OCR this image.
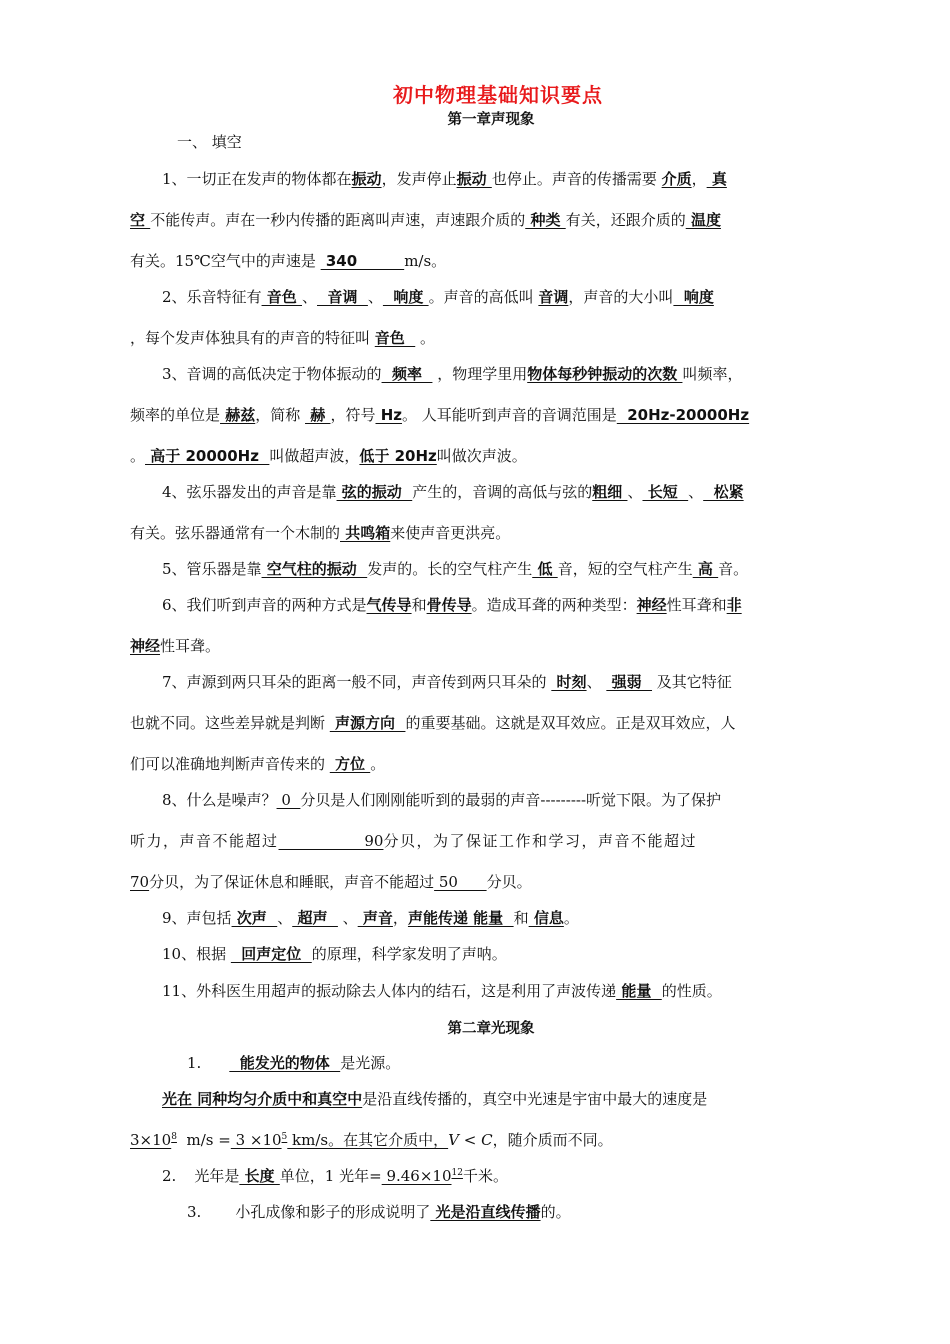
初中物理基础知识要点
第一章声现象
一、 填空
1、一切正在发声的物体都在振动，发声停止振动 也停止。声音的传播需要 介质， 真
空 不能传声。声在一秒内传播的距离叫声速，声速跟介质的 种类 有关，还跟介质的 温度
有关。15℃空气中的声速是  340         m/s。
2、乐音特征有 音色 、  音调  、  响度 。声音的高低叫 音调，声音的大小叫  响度
，每个发声体独具有的声音的特征叫 音色   。
3、音调的高低决定于物体振动的  频率   ，物理学里用物体每秒钟振动的次数 叫频率，
频率的单位是 赫兹，简称  赫 ，符号 Hz。 人耳能听到声音的音调范围是  20Hz-20000Hz
。 高于 20000Hz  叫做超声波，低于 20Hz叫做次声波。
4、弦乐器发出的声音是靠 弦的振动  产生的，音调的高低与弦的粗细 、 长短  、  松紧
有关。弦乐器通常有一个木制的 共鸣箱来使声音更洪亮。
5、管乐器是靠 空气柱的振动  发声的。长的空气柱产生 低 音，短的空气柱产生 高 音。
6、我们听到声音的两种方式是气传导和骨传导。造成耳聋的两种类型：神经性耳聋和非
神经性耳聋。
7、声源到两只耳朵的距离一般不同，声音传到两只耳朵的  时刻、  强弱   及其它特征
也就不同。这些差异就是判断  声源方向  的重要基础。这就是双耳效应。正是双耳效应，人
们可以准确地判断声音传来的  方位 。
8、什么是噪声？ 0  分贝是人们刚刚能听到的最弱的声音---------听觉下限。为了保护
听力，声音不能超过                  90分贝，为了保证工作和学习，声音不能超过
70分贝，为了保证休息和睡眠，声音不能超过 50      分贝。
9、声包括 次声  、 超声   、 声音，声能传递 能量  和 信息。
10、根据   回声定位  的原理，科学家发明了声呐。
11、外科医生用超声的振动除去人体内的结石，这是利用了声波传递 能量  的性质。
第二章光现象
1.  能发光的物体  是光源。
光在 同种均匀介质中和真空中是沿直线传播的，真空中光速是宇宙中最大的速度是
$3\times 10^8$  $m/s = 3 \times 10^5$ km/s。在其它介质中，V < C，随介质而不同。
2. 光年是 长度 单位，1 光年= $9.46\times 10^{12}$千米。
3. 小孔成像和影子的形成说明了 光是沿直线传播的。
